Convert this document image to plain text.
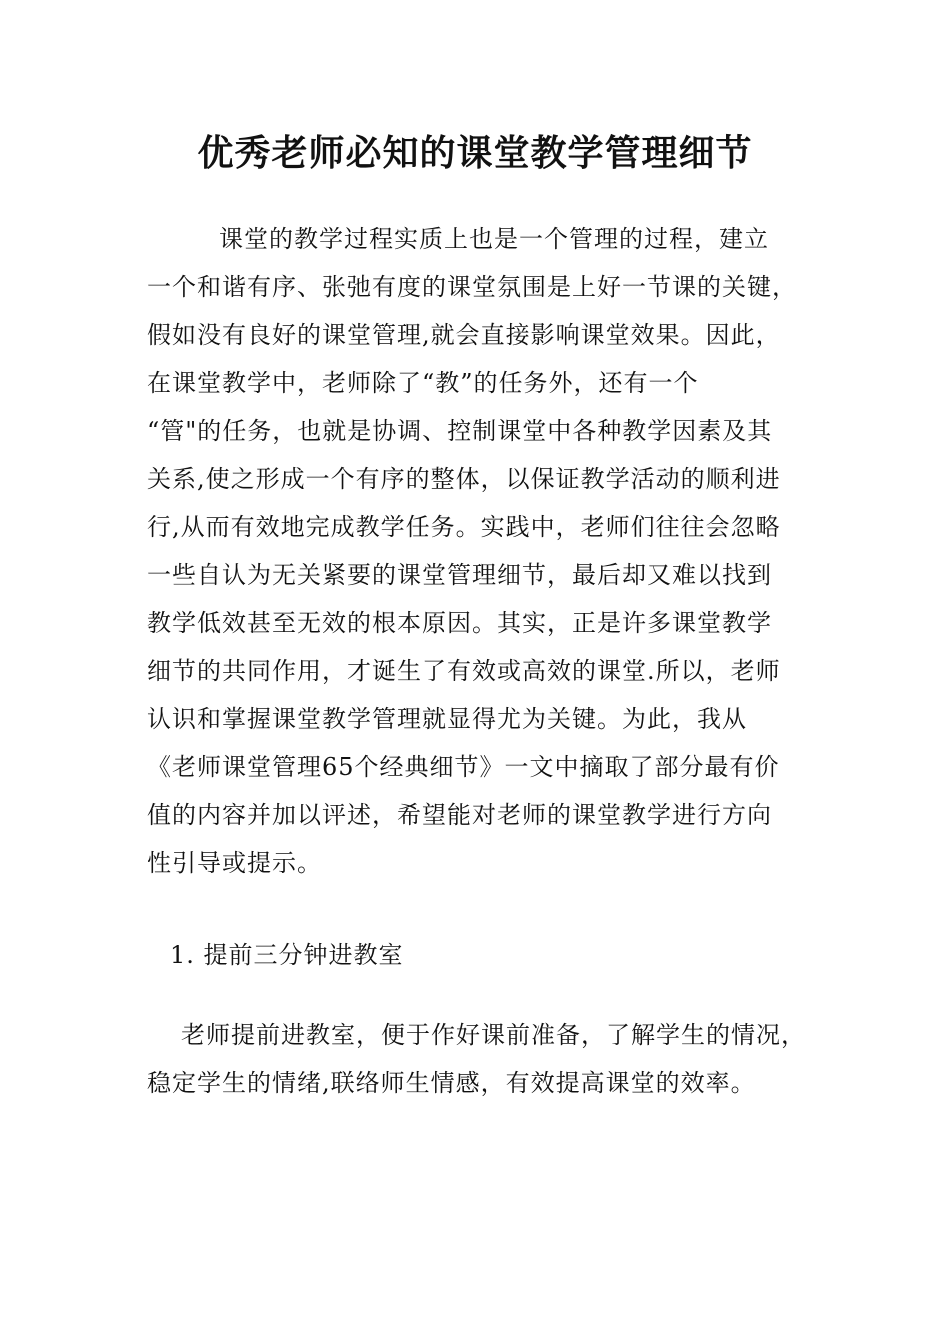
优秀老师必知的课堂教学管理细节
课堂的教学过程实质上也是一个管理的过程，建立
一个和谐有序、张弛有度的课堂氛围是上好一节课的关键，
假如没有良好的课堂管理,就会直接影响课堂效果。因此，
在课堂教学中，老师除了“教”的任务外，还有一个
“管"的任务，也就是协调、控制课堂中各种教学因素及其
关系,使之形成一个有序的整体，以保证教学活动的顺利进
行,从而有效地完成教学任务。实践中，老师们往往会忽略
一些自认为无关紧要的课堂管理细节，最后却又难以找到
教学低效甚至无效的根本原因。其实，正是许多课堂教学
细节的共同作用，才诞生了有效或高效的课堂.所以，老师
认识和掌握课堂教学管理就显得尤为关键。为此，我从
《老师课堂管理65个经典细节》一文中摘取了部分最有价
值的内容并加以评述，希望能对老师的课堂教学进行方向
性引导或提示。
1. 提前三分钟进教室
老师提前进教室，便于作好课前准备，了解学生的情况，
稳定学生的情绪,联络师生情感，有效提高课堂的效率。
